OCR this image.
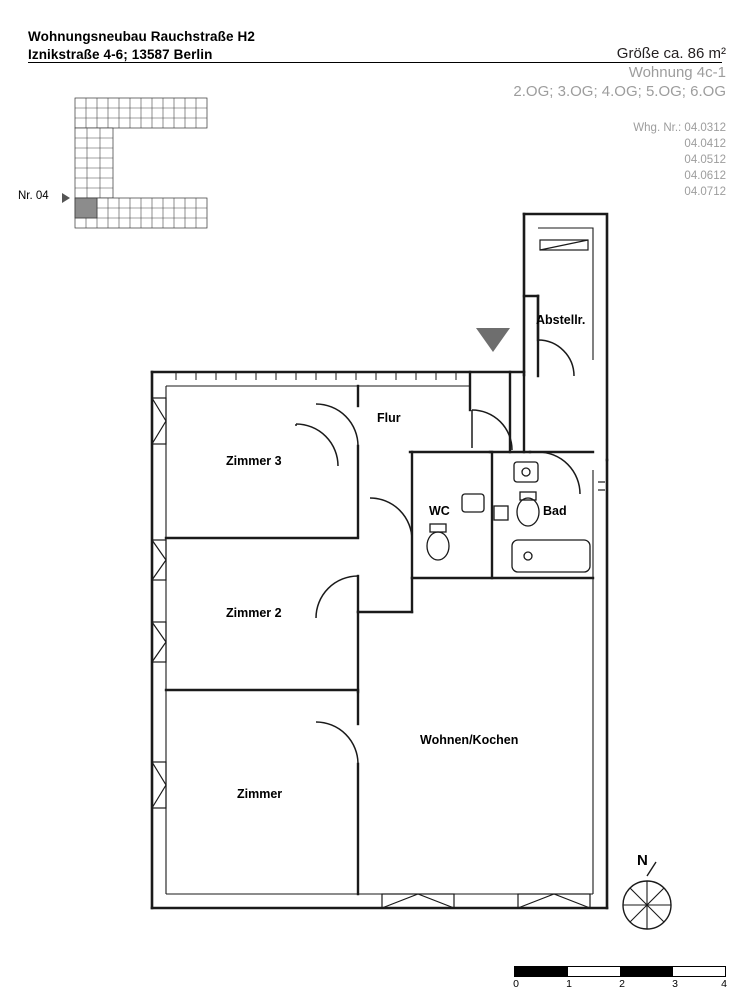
Wohnungsneubau Rauchstraße H2
Iznikstraße 4-6; 13587 Berlin	Größe ca. 86 m²
Wohnung 4c-1
2.OG; 3.OG; 4.OG; 5.OG; 6.OG
Whg. Nr.: 04.0312
04.0412
04.0512
04.0612
04.0712
Nr. 04
Abstellr.
Flur
Zimmer 3
WC	Bad
Zimmer 2
Wohnen/Kochen
Zimmer
N
0	1	2	3	4
